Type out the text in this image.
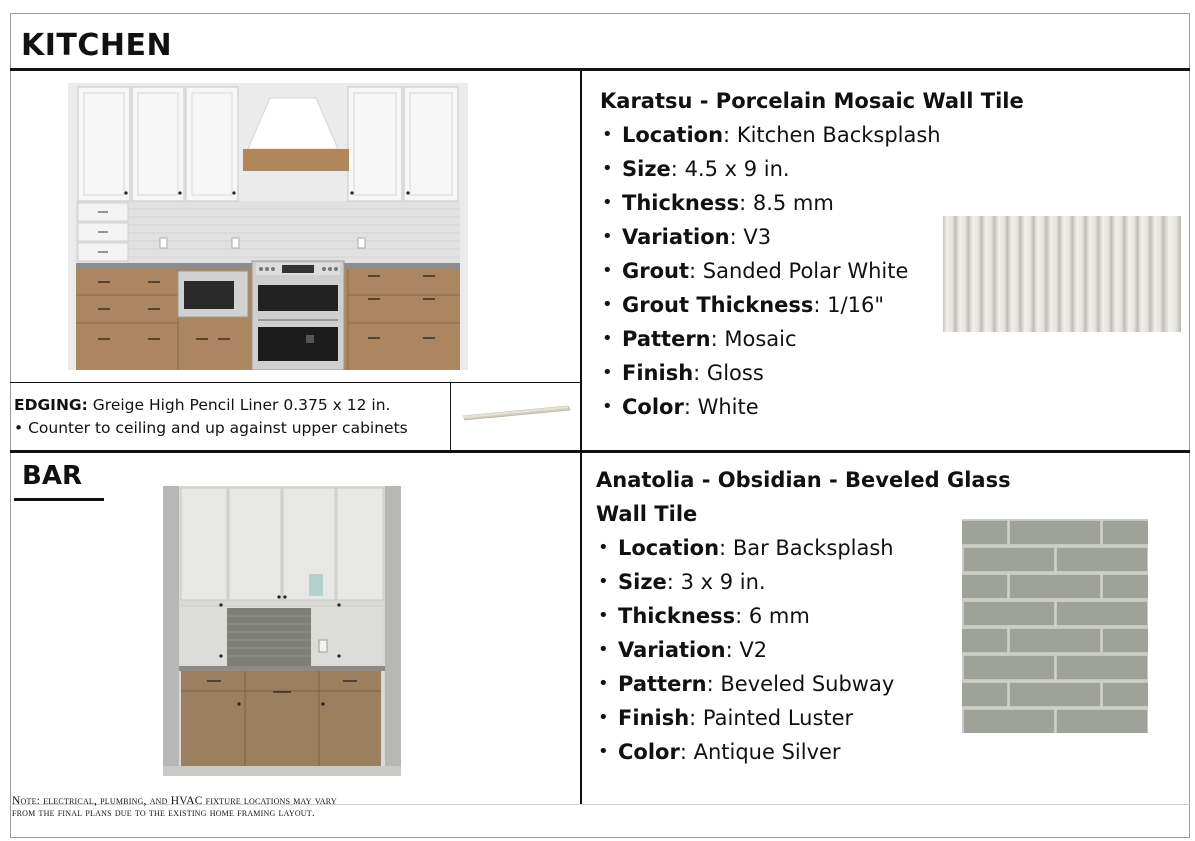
KITCHEN
EDGING: Greige High Pencil Liner 0.375 x 12 in.
• Counter to ceiling and up against upper cabinets
Karatsu - Porcelain Mosaic Wall Tile
• Location: Kitchen Backsplash
• Size: 4.5 x 9 in.
• Thickness: 8.5 mm
• Variation: V3
• Grout: Sanded Polar White
• Grout Thickness: 1/16"
• Pattern: Mosaic
• Finish: Gloss
• Color: White
BAR	Anatolia - Obsidian - Beveled Glass
Wall Tile
• Location: Bar Backsplash
• Size: 3 x 9 in.
• Thickness: 6 mm
• Variation: V2
• Pattern: Beveled Subway
• Finish: Painted Luster
• Color: Antique Silver
Note: electrical, plumbing, and HVAC fixture locations may vary
from the final plans due to the existing home framing layout.
